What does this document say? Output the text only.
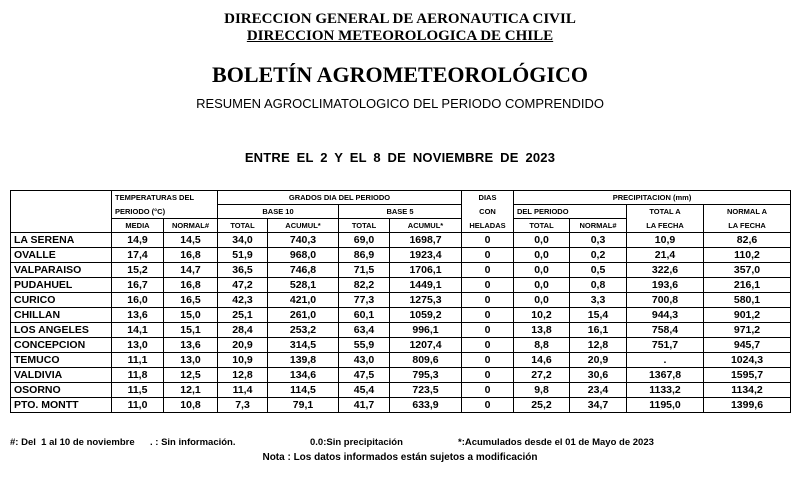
DIRECCION GENERAL DE AERONAUTICA CIVIL
DIRECCION METEOROLOGICA DE CHILE
BOLETÍN AGROMETEOROLÓGICO
RESUMEN AGROCLIMATOLOGICO DEL PERIODO COMPRENDIDO
ENTRE EL 2 Y EL 8 DE NOVIEMBRE DE 2023
	TEMPERATURAS DEL		GRADOS DIA DEL PERIODO				DIAS	PRECIPITACION (mm)			
	PERIODO (°C)		BASE 10		BASE 5		CON	DEL PERIODO		TOTAL A	NORMAL A
	MEDIA	NORMAL#	TOTAL	ACUMUL*	TOTAL	ACUMUL*	HELADAS	TOTAL	NORMAL#	LA FECHA	LA FECHA
LA SERENA	14,9	14,5	34,0	740,3	69,0	1698,7	0	0,0	0,3	10,9	82,6
OVALLE	17,4	16,8	51,9	968,0	86,9	1923,4	0	0,0	0,2	21,4	110,2
VALPARAISO	15,2	14,7	36,5	746,8	71,5	1706,1	0	0,0	0,5	322,6	357,0
PUDAHUEL	16,7	16,8	47,2	528,1	82,2	1449,1	0	0,0	0,8	193,6	216,1
CURICO	16,0	16,5	42,3	421,0	77,3	1275,3	0	0,0	3,3	700,8	580,1
CHILLAN	13,6	15,0	25,1	261,0	60,1	1059,2	0	10,2	15,4	944,3	901,2
LOS ANGELES	14,1	15,1	28,4	253,2	63,4	996,1	0	13,8	16,1	758,4	971,2
CONCEPCION	13,0	13,6	20,9	314,5	55,9	1207,4	0	8,8	12,8	751,7	945,7
TEMUCO	11,1	13,0	10,9	139,8	43,0	809,6	0	14,6	20,9	.	1024,3
VALDIVIA	11,8	12,5	12,8	134,6	47,5	795,3	0	27,2	30,6	1367,8	1595,7
OSORNO	11,5	12,1	11,4	114,5	45,4	723,5	0	9,8	23,4	1133,2	1134,2
PTO. MONTT	11,0	10,8	7,3	79,1	41,7	633,9	0	25,2	34,7	1195,0	1399,6

#: Del  1 al 10 de noviembre

. : Sin información.

	0.0:Sin precipitación

	*:Acumulados desde el 01 de Mayo de 2023

Nota : Los datos informados están sujetos a modificación
